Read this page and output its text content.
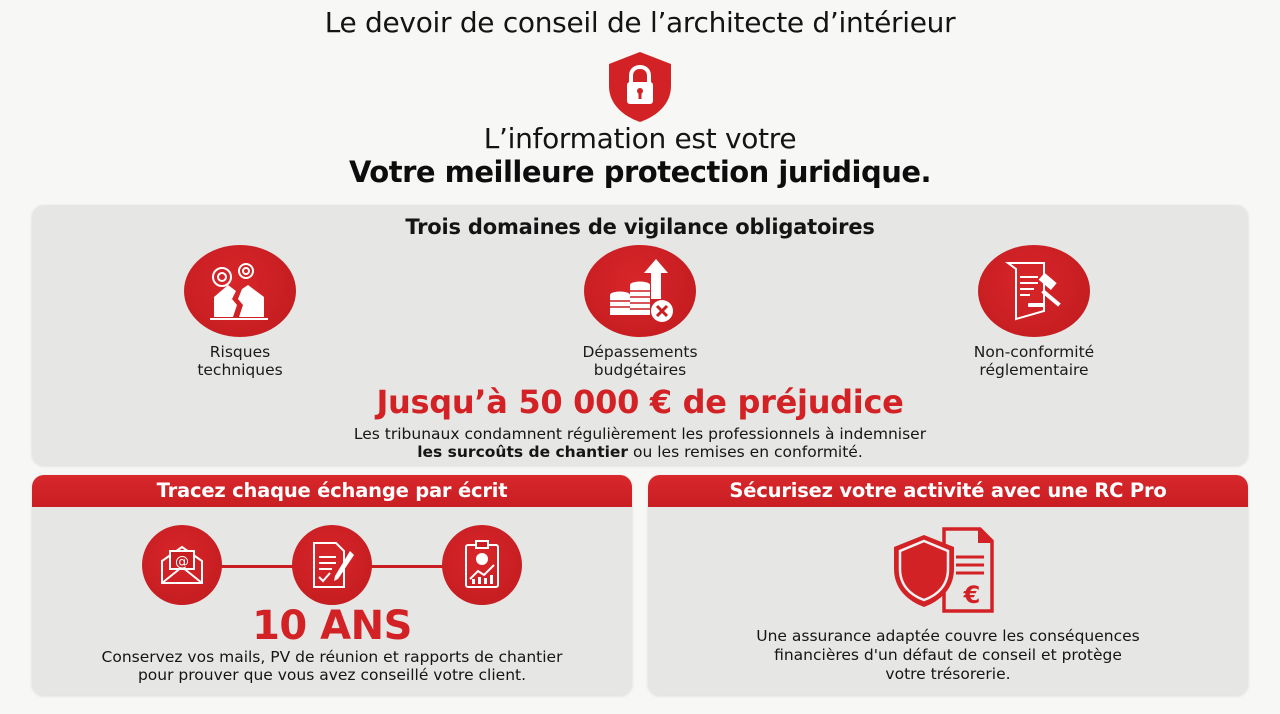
Le devoir de conseil de l’architecte d’intérieur
L’information est votre
Votre meilleure protection juridique.
Trois domaines de vigilance obligatoires
Risques
techniques
Dépassements
budgétaires
Non-conformité
réglementaire
Jusqu’à 50 000 € de préjudice
Les tribunaux condamnent régulièrement les professionnels à indemniser
les surcoûts de chantier ou les remises en conformité.
Tracez chaque échange par écrit
@
10 ANS
Conservez vos mails, PV de réunion et rapports de chantier
pour prouver que vous avez conseillé votre client.
Sécurisez votre activité avec une RC Pro
€
Une assurance adaptée couvre les conséquences
financières d'un défaut de conseil et protège
votre trésorerie.
